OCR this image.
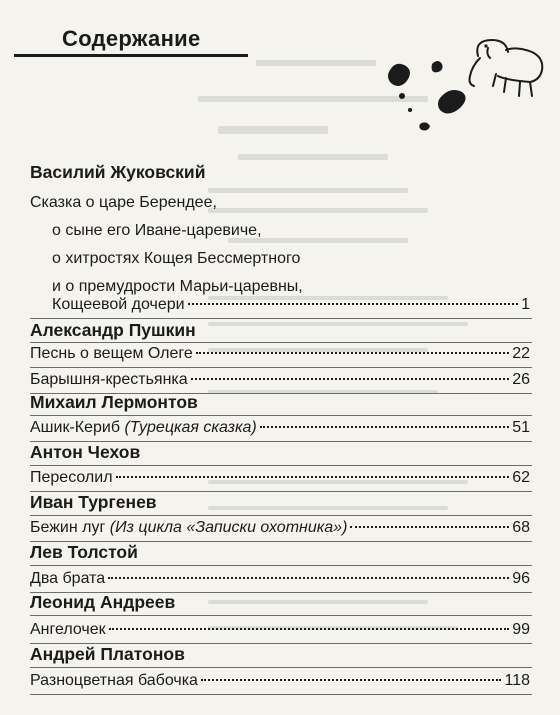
Содержание
Василий Жуковский
Сказка о царе Берендее,
о сыне его Иване-царевиче,
о хитростях Кощея Бессмертного
и о премудрости Марьи-царевны,
Кощеевой дочери	1
Александр Пушкин
Песнь о вещем Олеге	22
Барышня-крестьянка	26
Михаил Лермонтов
Ашик-Кериб (Турецкая сказка)	51
Антон Чехов
Пересолил	62
Иван Тургенев
Бежин луг (Из цикла «Записки охотника»)	68
Лев Толстой
Два брата	96
Леонид Андреев
Ангелочек	99
Андрей Платонов
Разноцветная бабочка	118
